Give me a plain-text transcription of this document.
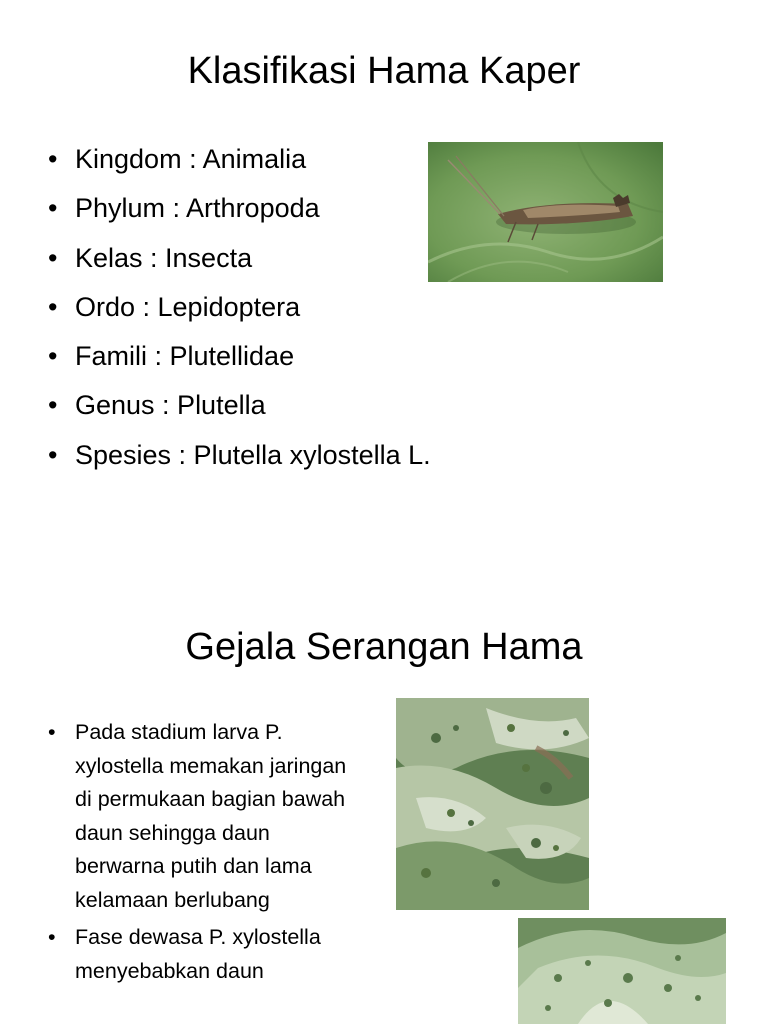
Klasifikasi Hama Kaper
• Kingdom : Animalia
• Phylum : Arthropoda
• Kelas : Insecta
• Ordo : Lepidoptera
• Famili : Plutellidae
• Genus : Plutella
• Spesies : Plutella xylostella L.
Gejala Serangan Hama
• Pada stadium larva P. xylostella memakan jaringan di permukaan bagian bawah daun sehingga daun berwarna putih dan lama kelamaan berlubang
• Fase dewasa P. xylostella menyebabkan daun
